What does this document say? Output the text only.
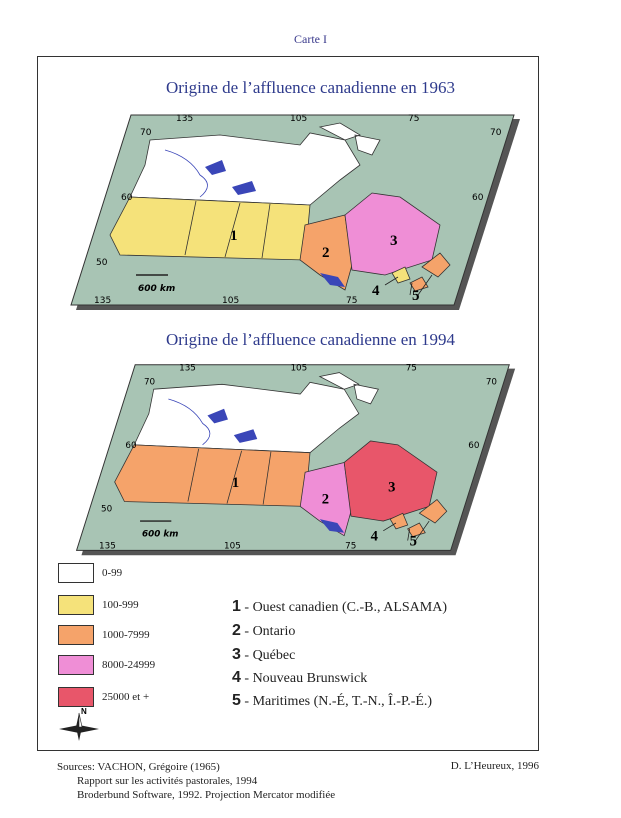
Carte I
Origine de l’affluence canadienne en 1963
1
2
3
4 5
135	105	75
135	105	75
70
60
50
70
60
600 km
Origine de l’affluence canadienne en 1994
1
2
3
4 5
135	105	75
135	105	75
70
60
50
70
60
600 km
0-99
100-999
1000-7999
8000-24999
25000 et +
1 - Ouest canadien (C.-B., ALSAMA)
2 - Ontario
3 - Québec
4 - Nouveau Brunswick
5 - Maritimes (N.-É, T.-N., Î.-P.-É.)
N
Sources: VACHON, Grégoire (1965)
Rapport sur les activités pastorales, 1994
Broderbund Software, 1992. Projection Mercator modifiée
D. L’Heureux, 1996
